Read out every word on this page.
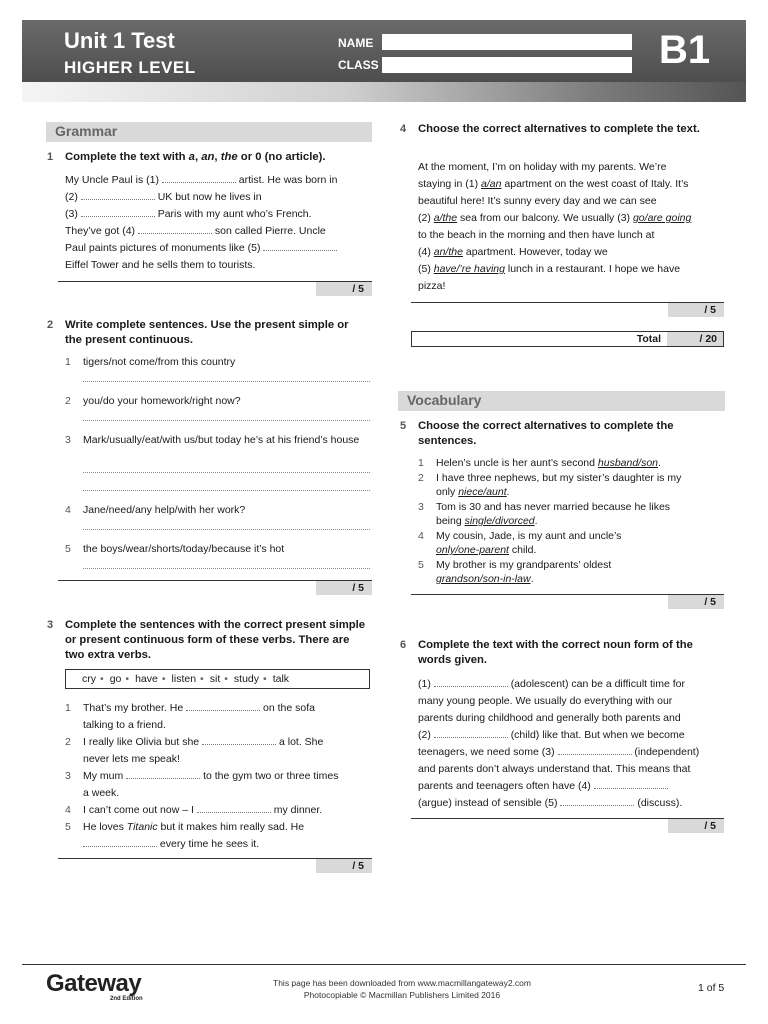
Unit 1 Test
HIGHER LEVEL
NAME
CLASS	B1
Grammar
1 Complete the text with a, an, the or 0 (no article).
My Uncle Paul is (1)	artist. He was born in
(2)	UK but now he lives in
(3)	Paris with my aunt who’s French.
They’ve got (4)	son called Pierre. Uncle
Paul paints pictures of monuments like (5)
Eiffel Tower and he sells them to tourists.
/ 5
2 Write complete sentences. Use the present simple or the present continuous.
1 tigers/not come/from this country
2 you/do your homework/right now?
3 Mark/usually/eat/with us/but today he’s at his friend’s house
4 Jane/need/any help/with her work?
5 the boys/wear/shorts/today/because it’s hot
/ 5
3 Complete the sentences with the correct present simple or present continuous form of these verbs. There are two extra verbs.
cry • go • have • listen • sit • study • talk
1 That’s my brother. He	on the sofa
talking to a friend.
2 I really like Olivia but she	a lot. She
never lets me speak!
3 My mum	to the gym two or three times
a week.
4 I can’t come out now – I	my dinner.
5 He loves Titanic but it makes him really sad. He
every time he sees it.
/ 5
4 Choose the correct alternatives to complete the text.
At the moment, I’m on holiday with my parents. We’re
staying in (1) a/an apartment on the west coast of Italy. It’s
beautiful here! It’s sunny every day and we can see
(2) a/the sea from our balcony. We usually (3) go/are going
to the beach in the morning and then have lunch at
(4) an/the apartment. However, today we
(5) have/’re having lunch in a restaurant. I hope we have
pizza!
/ 5
Total	/ 20
Vocabulary
5 Choose the correct alternatives to complete the sentences.
1 Helen’s uncle is her aunt’s second husband/son.
2 I have three nephews, but my sister’s daughter is my
only niece/aunt.
3 Tom is 30 and has never married because he likes
being single/divorced.
4 My cousin, Jade, is my aunt and uncle’s
only/one-parent child.
5 My brother is my grandparents’ oldest
grandson/son-in-law.
/ 5
6 Complete the text with the correct noun form of the words given.
(1)	(adolescent) can be a difficult time for
many young people. We usually do everything with our
parents during childhood and generally both parents and
(2)	(child) like that. But when we become
teenagers, we need some (3)	(independent)
and parents don’t always understand that. This means that
parents and teenagers often have (4)
(argue) instead of sensible (5)	(discuss).
/ 5
Gateway
2nd Edition
This page has been downloaded from www.macmillangateway2.com
Photocopiable © Macmillan Publishers Limited 2016
1 of 5
